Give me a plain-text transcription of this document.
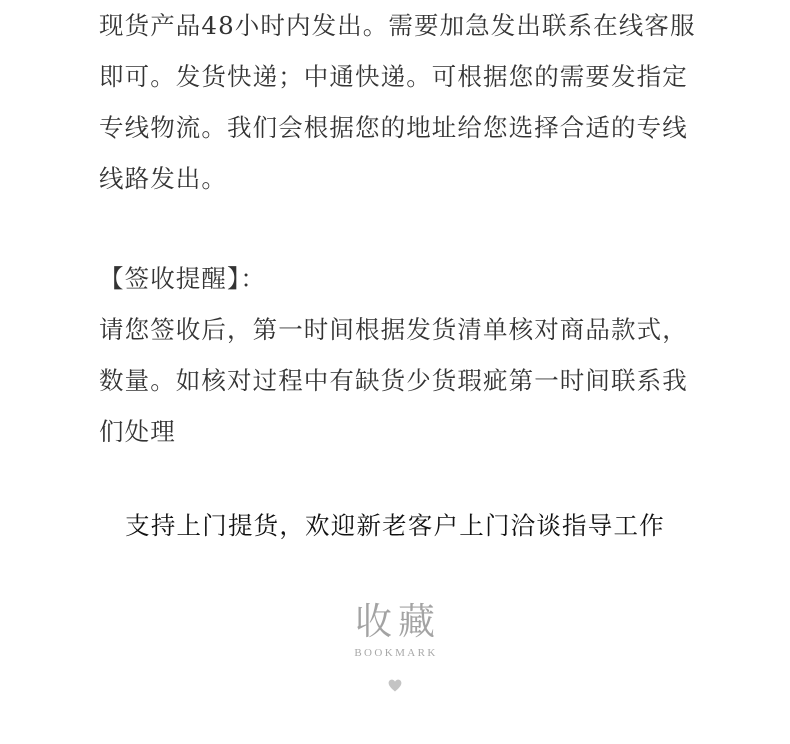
现货产品48小时内发出。需要加急发出联系在线客服
即可。发货快递；中通快递。可根据您的需要发指定
专线物流。我们会根据您的地址给您选择合适的专线
线路发出。

【签收提醒】：

请您签收后，第一时间根据发货清单核对商品款式，
数量。如核对过程中有缺货少货瑕疵第一时间联系我
们处理

支持上门提货，欢迎新老客户上门洽谈指导工作
收藏
BOOKMARK
